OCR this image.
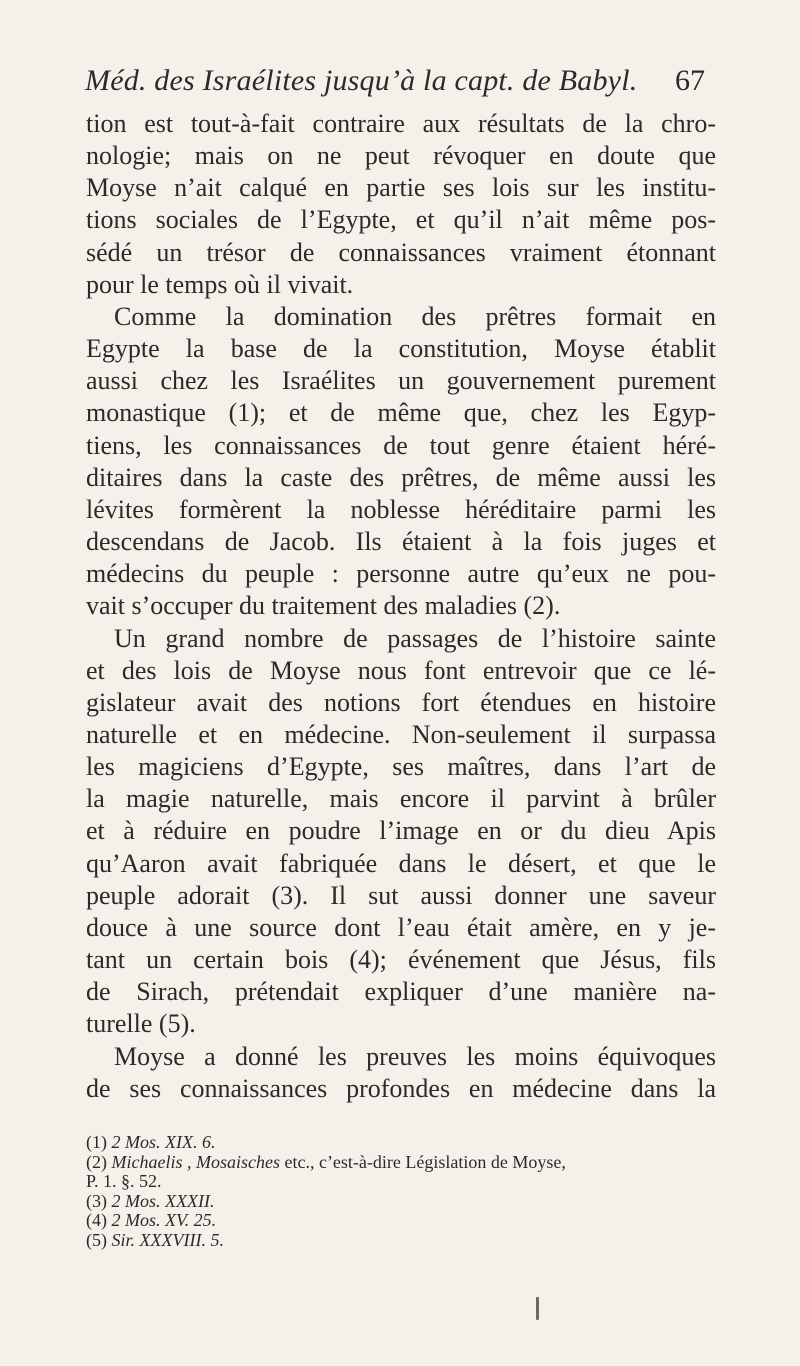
Méd. des Israélites jusqu’à la capt. de Babyl. 67
tion est tout-à-fait contraire aux résultats de la chro-
nologie; mais on ne peut révoquer en doute que
Moyse n’ait calqué en partie ses lois sur les institu-
tions sociales de l’Egypte, et qu’il n’ait même pos-
sédé un trésor de connaissances vraiment étonnant
pour le temps où il vivait.
Comme la domination des prêtres formait en
Egypte la base de la constitution, Moyse établit
aussi chez les Israélites un gouvernement purement
monastique (1); et de même que, chez les Egyp-
tiens, les connaissances de tout genre étaient héré-
ditaires dans la caste des prêtres, de même aussi les
lévites formèrent la noblesse héréditaire parmi les
descendans de Jacob. Ils étaient à la fois juges et
médecins du peuple : personne autre qu’eux ne pou-
vait s’occuper du traitement des maladies (2).
Un grand nombre de passages de l’histoire sainte
et des lois de Moyse nous font entrevoir que ce lé-
gislateur avait des notions fort étendues en histoire
naturelle et en médecine. Non-seulement il surpassa
les magiciens d’Egypte, ses maîtres, dans l’art de
la magie naturelle, mais encore il parvint à brûler
et à réduire en poudre l’image en or du dieu Apis
qu’Aaron avait fabriquée dans le désert, et que le
peuple adorait (3). Il sut aussi donner une saveur
douce à une source dont l’eau était amère, en y je-
tant un certain bois (4); événement que Jésus, fils
de Sirach, prétendait expliquer d’une manière na-
turelle (5).
Moyse a donné les preuves les moins équivoques
de ses connaissances profondes en médecine dans la
(1) 2 Mos. XIX. 6.
(2) Michaelis , Mosaisches etc., c’est-à-dire Législation de Moyse,
P. 1. §. 52.
(3) 2 Mos. XXXII.
(4) 2 Mos. XV. 25.
(5) Sir. XXXVIII. 5.
